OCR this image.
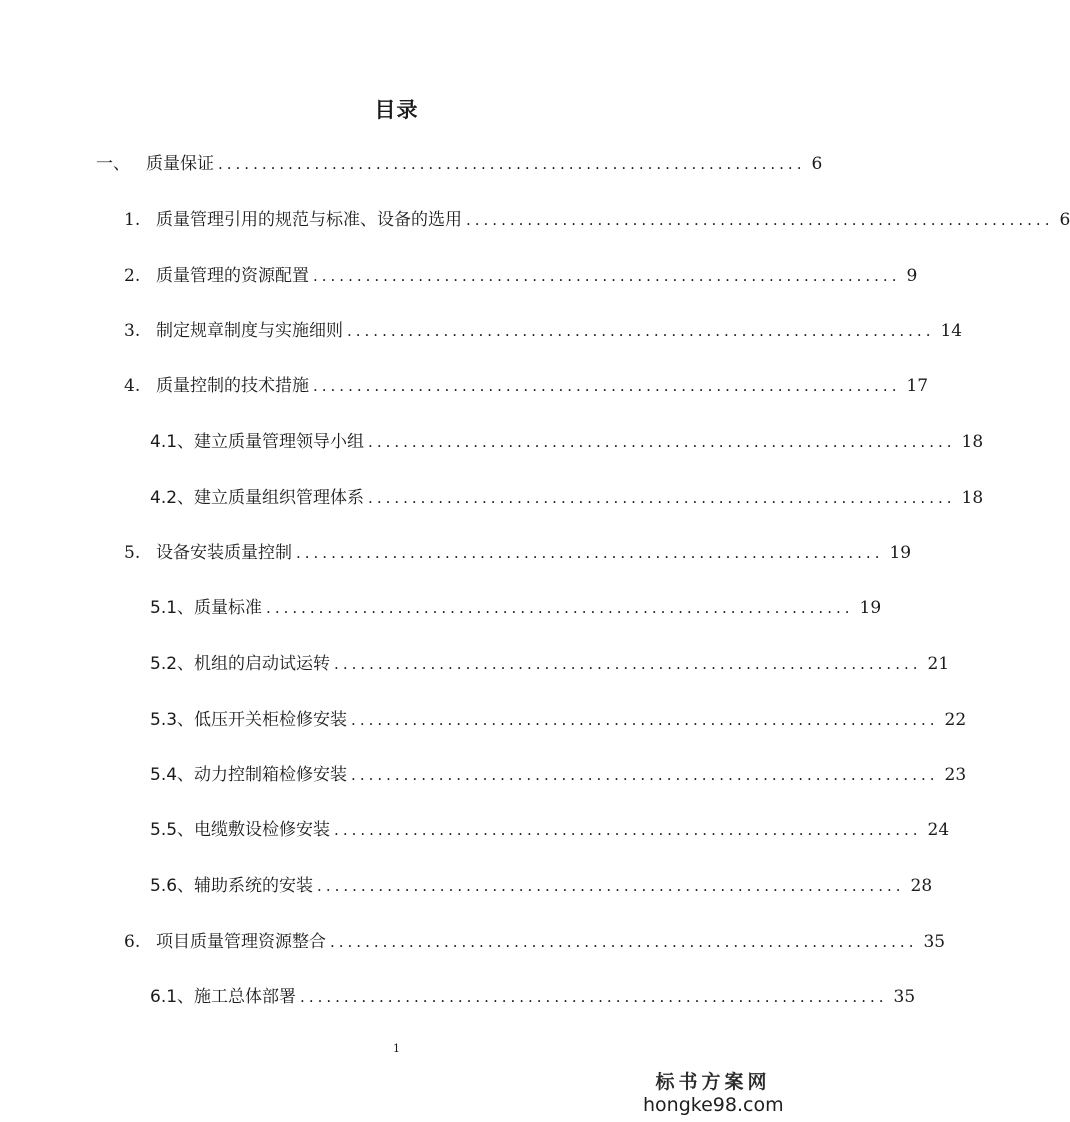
目录
一、 质量保证 ................................................................... 6
1. 质量管理引用的规范与标准、设备的选用 ................................................................... 6
2. 质量管理的资源配置 ................................................................... 9
3. 制定规章制度与实施细则 ................................................................... 14
4. 质量控制的技术措施 ................................................................... 17
4.1、建立质量管理领导小组 ................................................................... 18
4.2、建立质量组织管理体系 ................................................................... 18
5. 设备安装质量控制 ................................................................... 19
5.1、质量标准 ................................................................... 19
5.2、机组的启动试运转 ................................................................... 21
5.3、低压开关柜检修安装 ................................................................... 22
5.4、动力控制箱检修安装 ................................................................... 23
5.5、电缆敷设检修安装 ................................................................... 24
5.6、辅助系统的安装 ................................................................... 28
6. 项目质量管理资源整合 ................................................................... 35
6.1、施工总体部署 ................................................................... 35
1
标书方案网
hongke98.com
